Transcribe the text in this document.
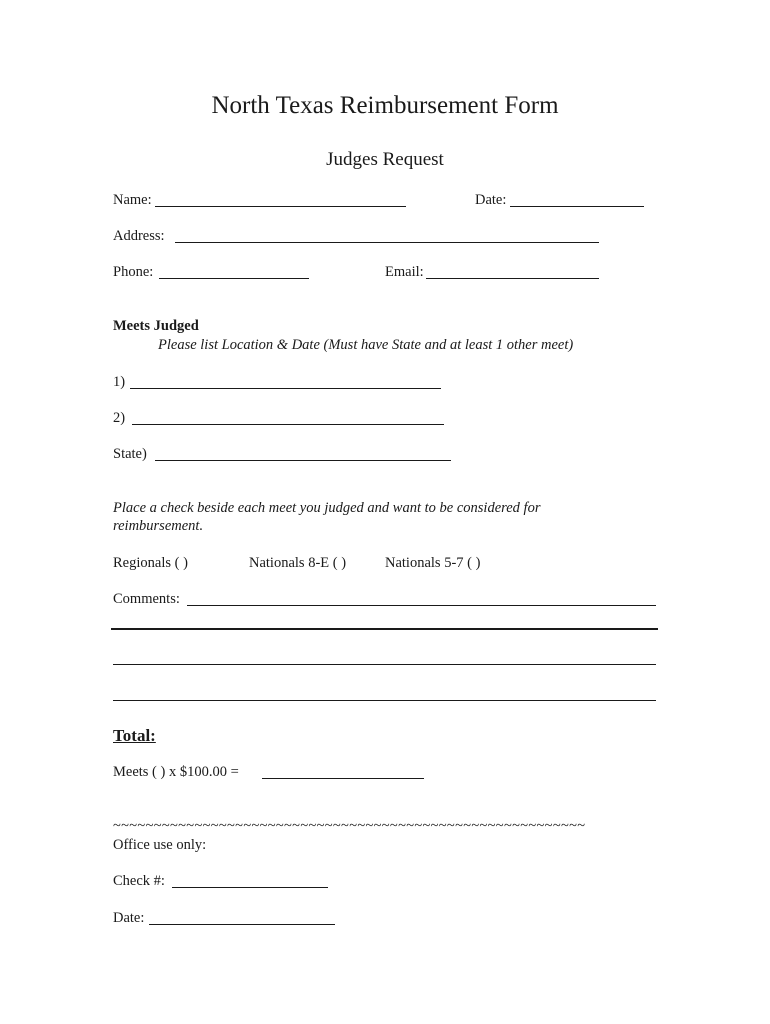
North Texas Reimbursement Form
Judges Request
Name:	Date:
Address:
Phone:	Email:
Meets Judged
Please list Location & Date (Must have State and at least 1 other meet)
1)
2)
State)
Place a check beside each meet you judged and want to be considered for
reimbursement.
Regionals ( )	Nationals 8-E ( )	Nationals 5-7 ( )
Comments:
Total:
Meets ( ) x $100.00 =
~~~~~~~~~~~~~~~~~~~~~~~~~~~~~~~~~~~~~~~~~~~~~~~~~~~~~~~~~~
Office use only:
Check #:
Date:
